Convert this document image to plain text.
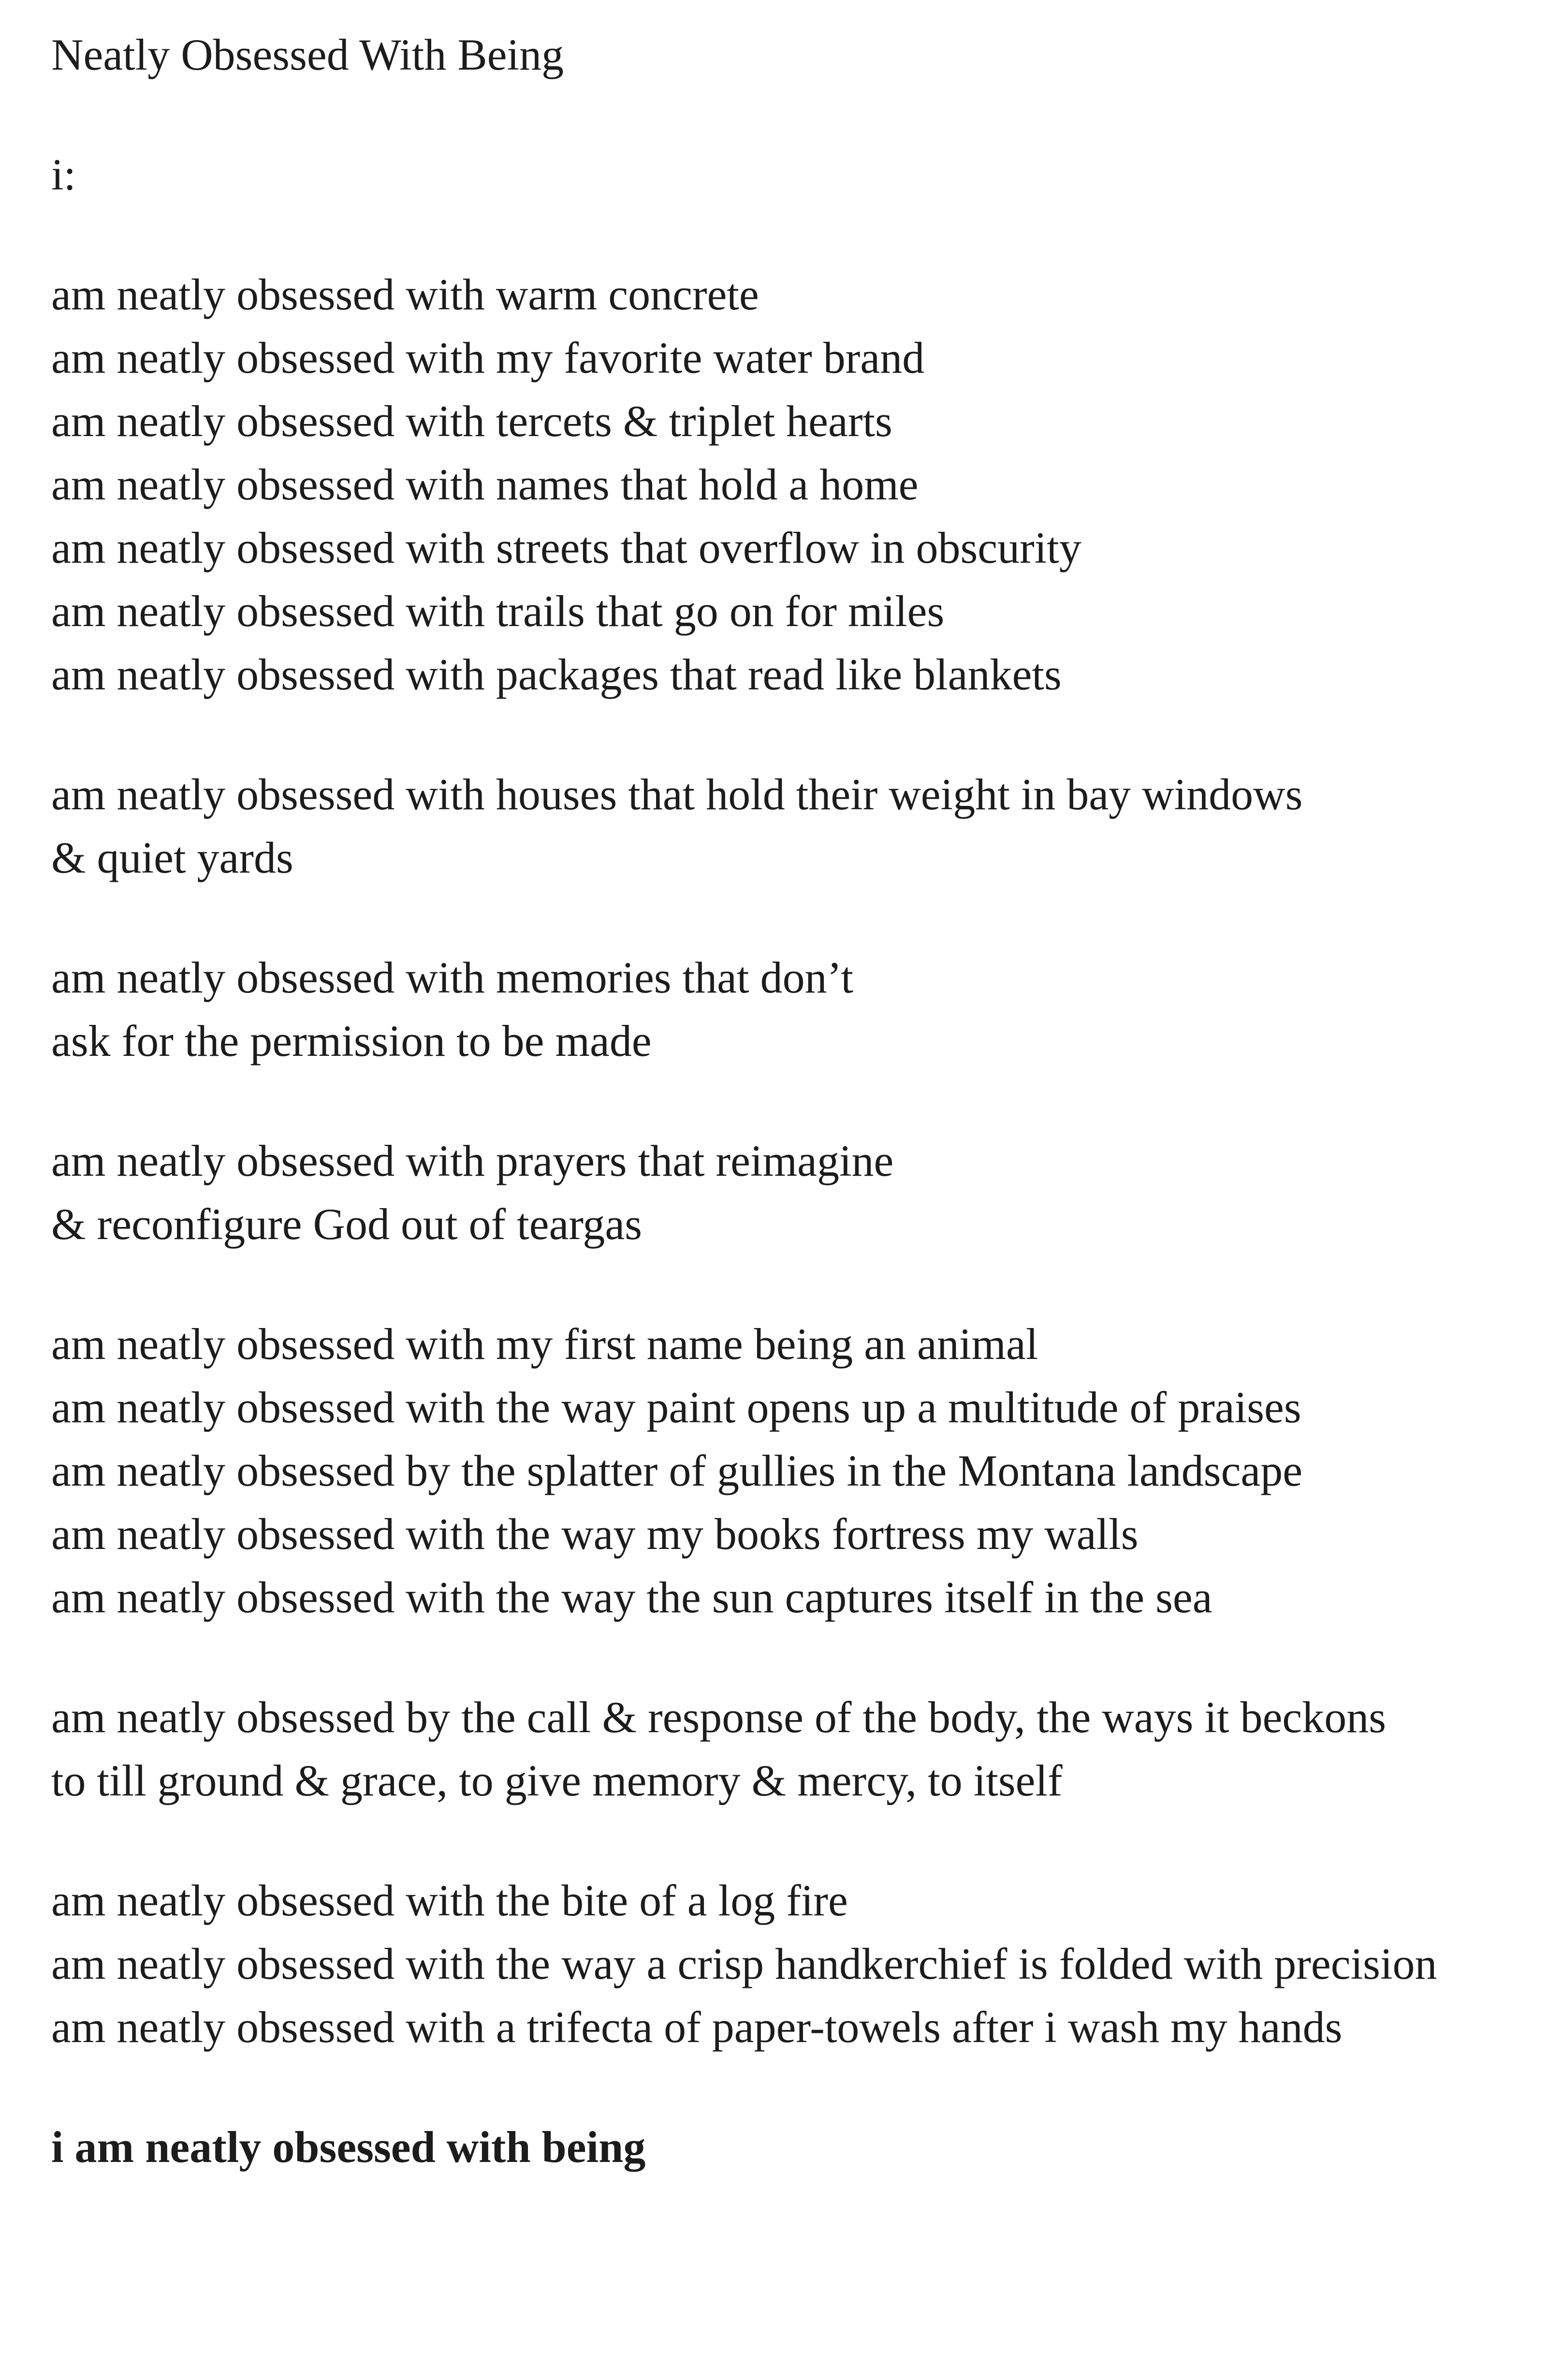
Neatly Obsessed With Being

i:

am neatly obsessed with warm concrete
am neatly obsessed with my favorite water brand
am neatly obsessed with tercets & triplet hearts
am neatly obsessed with names that hold a home
am neatly obsessed with streets that overflow in obscurity
am neatly obsessed with trails that go on for miles
am neatly obsessed with packages that read like blankets
am neatly obsessed with houses that hold their weight in bay windows
& quiet yards
am neatly obsessed with memories that don’t
ask for the permission to be made
am neatly obsessed with prayers that reimagine
& reconfigure God out of teargas
am neatly obsessed with my first name being an animal
am neatly obsessed with the way paint opens up a multitude of praises
am neatly obsessed by the splatter of gullies in the Montana landscape
am neatly obsessed with the way my books fortress my walls
am neatly obsessed with the way the sun captures itself in the sea
am neatly obsessed by the call & response of the body, the ways it beckons
to till ground & grace, to give memory & mercy, to itself
am neatly obsessed with the bite of a log fire
am neatly obsessed with the way a crisp handkerchief is folded with precision
am neatly obsessed with a trifecta of paper-towels after i wash my hands

i am neatly obsessed with being
